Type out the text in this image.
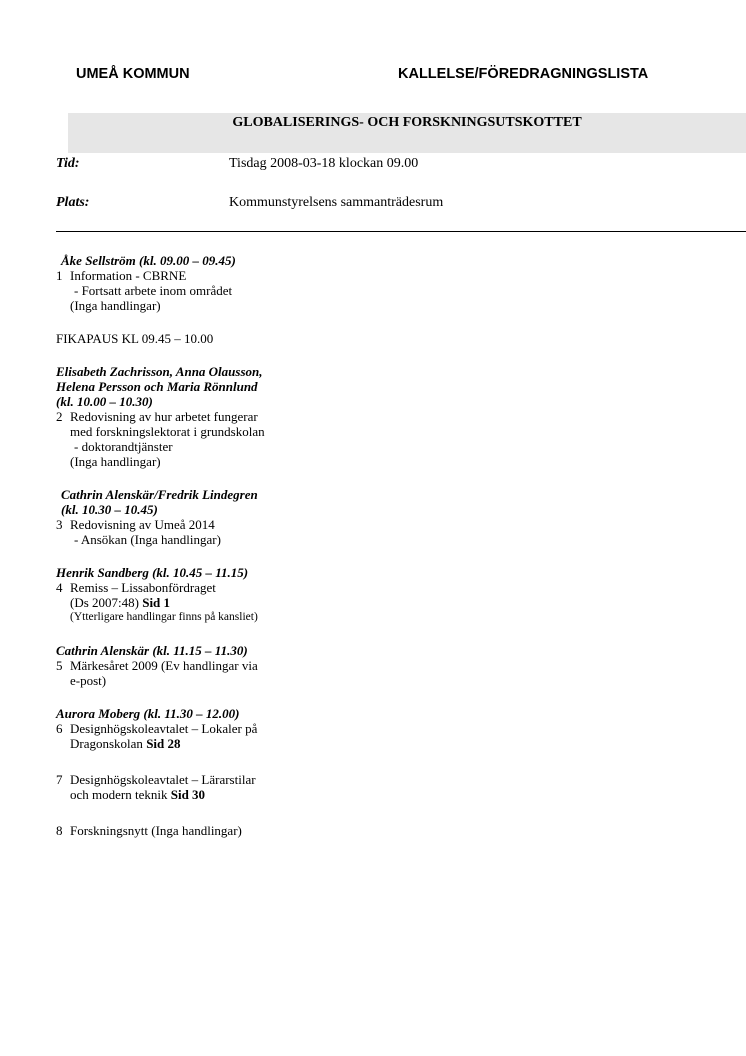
UMEÅ KOMMUN	KALLELSE/FÖREDRAGNINGSLISTA
GLOBALISERINGS- OCH FORSKNINGSUTSKOTTET
Tid:	Tisdag 2008-03-18 klockan 09.00
Plats:	Kommunstyrelsens sammanträdesrum
Åke Sellström (kl. 09.00 – 09.45)
1 Information - CBRNE
- Fortsatt arbete inom området
(Inga handlingar)
FIKAPAUS KL 09.45 – 10.00
Elisabeth Zachrisson, Anna Olausson,
Helena Persson och Maria Rönnlund
(kl. 10.00 – 10.30)
2 Redovisning av hur arbetet fungerar
med forskningslektorat i grundskolan
- doktorandtjänster
(Inga handlingar)
Cathrin Alenskär/Fredrik Lindegren
(kl. 10.30 – 10.45)
3 Redovisning av Umeå 2014
- Ansökan (Inga handlingar)
Henrik Sandberg (kl. 10.45 – 11.15)
4 Remiss – Lissabonfördraget
(Ds 2007:48) Sid 1
(Ytterligare handlingar finns på kansliet)
Cathrin Alenskär (kl. 11.15 – 11.30)
5 Märkesåret 2009 (Ev handlingar via
e-post)
Aurora Moberg (kl. 11.30 – 12.00)
6 Designhögskoleavtalet – Lokaler på
Dragonskolan Sid 28
7 Designhögskoleavtalet – Lärarstilar
och modern teknik Sid 30
8 Forskningsnytt (Inga handlingar)
